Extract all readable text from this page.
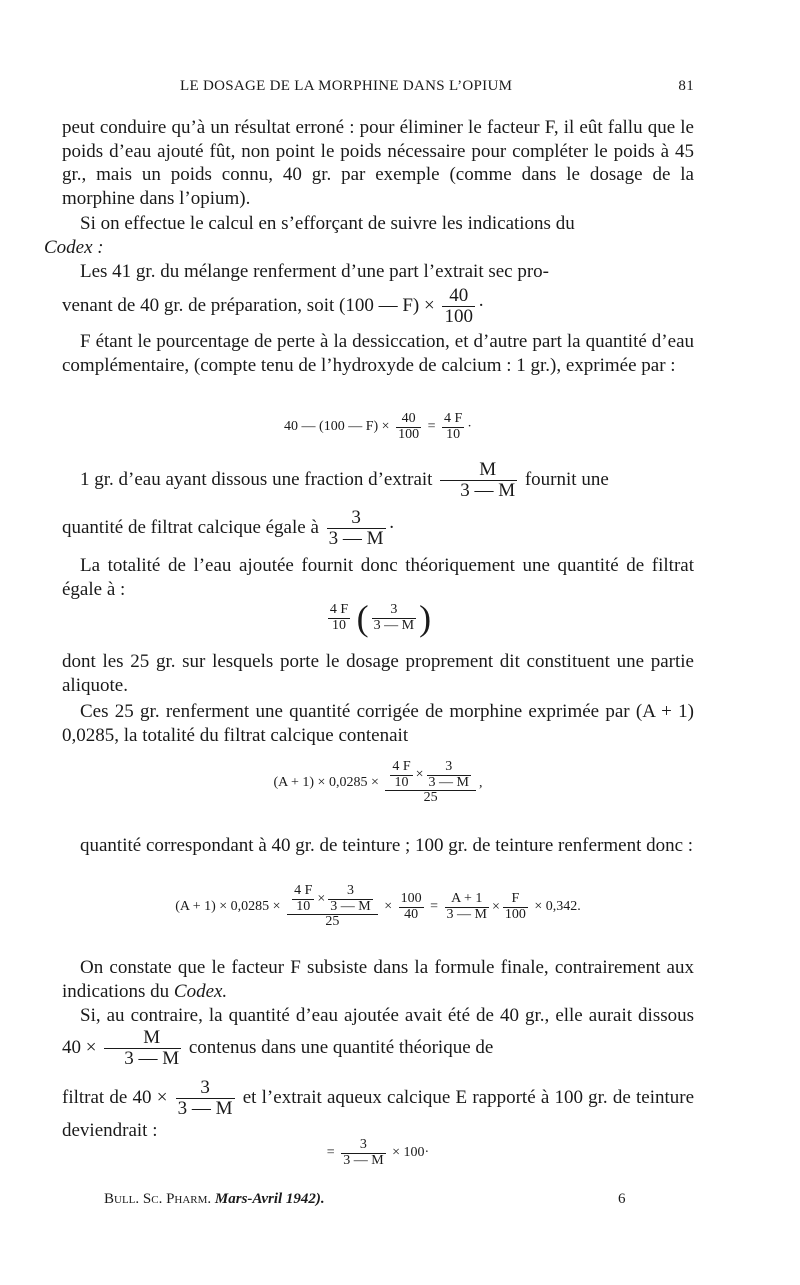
LE DOSAGE DE LA MORPHINE DANS L’OPIUM	81

peut conduire qu’à un résultat erroné : pour éliminer le facteur F, il eût fallu que le poids d’eau ajouté fût, non point le poids nécessaire pour compléter le poids à 45 gr., mais un poids connu, 40 gr. par exemple (comme dans le dosage de la morphine dans l’opium).

Si on effectue le calcul en s’efforçant de suivre les indications du
Codex :

Les 41 gr. du mélange renferment d’une part l’extrait sec pro-

venant de 40 gr. de préparation, soit (100 — $F) \times \frac{40}{100}$ ·

F étant le pourcentage de perte à la dessiccation, et d’autre part la quantité d’eau complémentaire, (compte tenu de l’hydroxyde de calcium : 1 gr.), exprimée par :

40 — (100 — $F) \times \frac{40}{100} = \frac{4 F}{10}$ ·

1 gr. d’eau ayant dissous une fraction d’extrait $\frac{M}{3 — M}$ fournit une

quantité de filtrat calcique égale à $\frac{3}{3 — M}$ ·

La totalité de l’eau ajoutée fournit donc théoriquement une quantité de filtrat égale à :

$\frac{4 F}{10}$ ( $\frac{3}{3 — M}$ )

dont les 25 gr. sur lesquels porte le dosage proprement dit constituent une partie aliquote.

Ces 25 gr. renferment une quantité corrigée de morphine exprimée par (A + 1) 0,0285, la totalité du filtrat calcique contenait

$(A + 1) \times 0,0285 \times \frac{\frac{4 F}{10} \times \frac{3}{3 — M}}{25}$ ,

quantité correspondant à 40 gr. de teinture ; 100 gr. de teinture renferment donc :

$(A + 1) \times 0,0285 \times \frac{\frac{4 F}{10} \times \frac{3}{3 — M}}{25} \times \frac{100}{40} = \frac{A + 1}{3 — M} \times \frac{F}{100} \times 0,342$.

On constate que le facteur F subsiste dans la formule finale, contrairement aux indications du Codex.

Si, au contraire, la quantité d’eau ajoutée avait été de 40 gr., elle aurait dissous $40 \times \frac{M}{3 — M}$ contenus dans une quantité théorique de

filtrat de $40 \times \frac{3}{3 — M}$ et l’extrait aqueux calcique E rapporté à 100 gr. de teinture deviendrait :

= $\frac{3}{3 — M} \times 100\cdot$
Bull. Sc. Pharm. Mars-Avril 1942).	6
